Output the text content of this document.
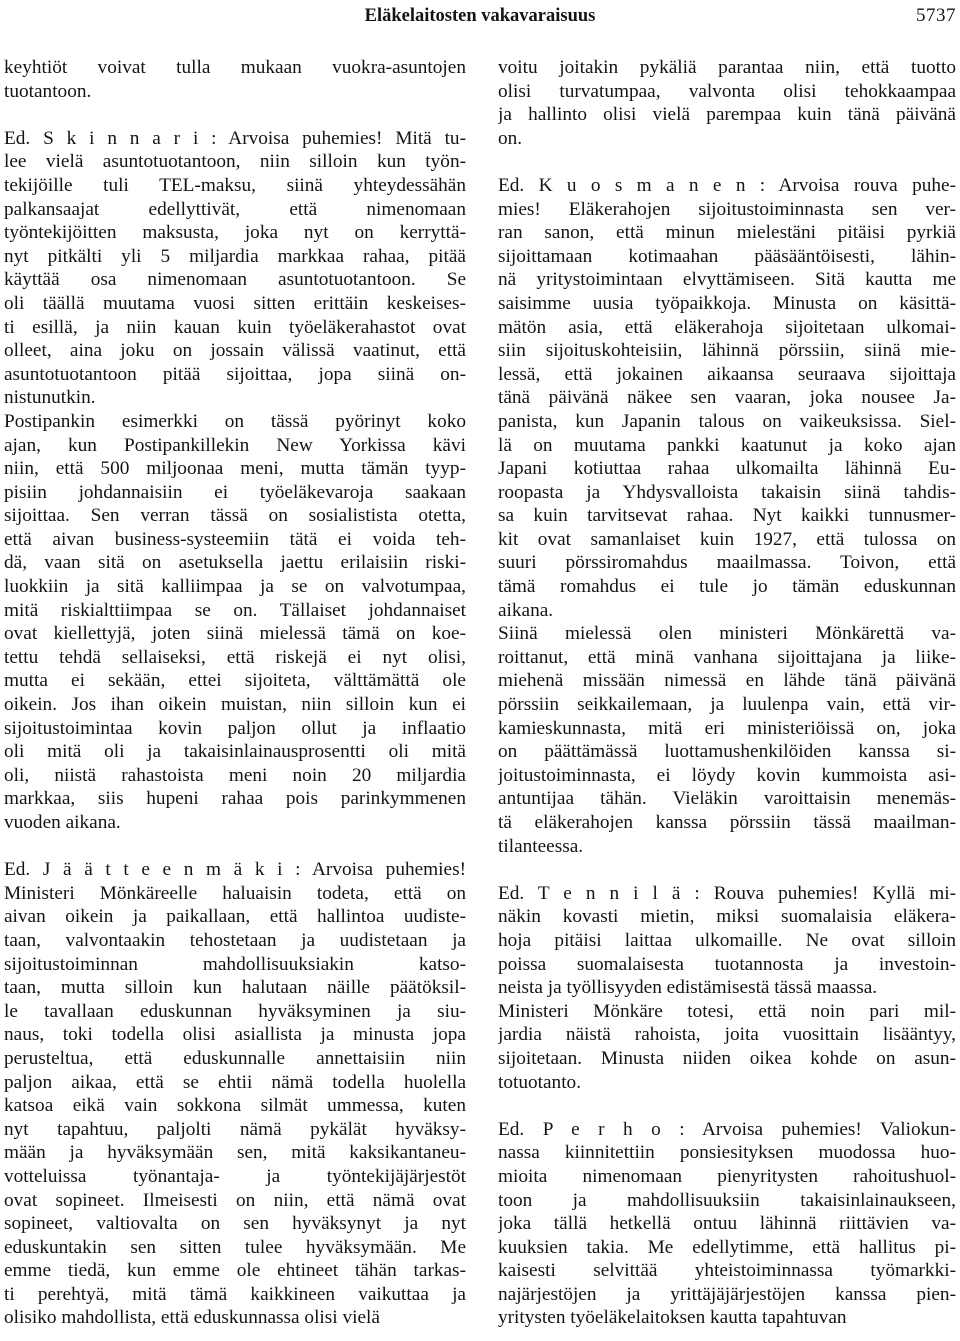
Eläkelaitosten vakavaraisuus	5737
keyhtiöt voivat tulla mukaan vuokra-asuntojen
tuotantoon.
Ed. S k i n n a r i : Arvoisa puhemies! Mitä tu-
lee vielä asuntotuotantoon, niin silloin kun työn-
tekijöille tuli TEL-maksu, siinä yhteydessähän
palkansaajat edellyttivät, että nimenomaan
työntekijöitten maksusta, joka nyt on kerryttä-
nyt pitkälti yli 5 miljardia markkaa rahaa, pitää
käyttää osa nimenomaan asuntotuotantoon. Se
oli täällä muutama vuosi sitten erittäin keskeises-
ti esillä, ja niin kauan kuin työeläkerahastot ovat
olleet, aina joku on jossain välissä vaatinut, että
asuntotuotantoon pitää sijoittaa, jopa siinä on-
nistunutkin.
Postipankin esimerkki on tässä pyörinyt koko
ajan, kun Postipankillekin New Yorkissa kävi
niin, että 500 miljoonaa meni, mutta tämän tyyp-
pisiin johdannaisiin ei työeläkevaroja saakaan
sijoittaa. Sen verran tässä on sosialistista otetta,
että aivan business-systeemiin tätä ei voida teh-
dä, vaan sitä on asetuksella jaettu erilaisiin riski-
luokkiin ja sitä kalliimpaa ja se on valvotumpaa,
mitä riskialttiimpaa se on. Tällaiset johdannaiset
ovat kiellettyjä, joten siinä mielessä tämä on koe-
tettu tehdä sellaiseksi, että riskejä ei nyt olisi,
mutta ei sekään, ettei sijoiteta, välttämättä ole
oikein. Jos ihan oikein muistan, niin silloin kun ei
sijoitustoimintaa kovin paljon ollut ja inflaatio
oli mitä oli ja takaisinlainausprosentti oli mitä
oli, niistä rahastoista meni noin 20 miljardia
markkaa, siis hupeni rahaa pois parinkymmenen
vuoden aikana.
Ed. J ä ä t t e e n m ä k i : Arvoisa puhemies!
Ministeri Mönkäreelle haluaisin todeta, että on
aivan oikein ja paikallaan, että hallintoa uudiste-
taan, valvontaakin tehostetaan ja uudistetaan ja
sijoitustoiminnan mahdollisuuksiakin katso-
taan, mutta silloin kun halutaan näille päätöksil-
le tavallaan eduskunnan hyväksyminen ja siu-
naus, toki todella olisi asiallista ja minusta jopa
perusteltua, että eduskunnalle annettaisiin niin
paljon aikaa, että se ehtii nämä todella huolella
katsoa eikä vain sokkona silmät ummessa, kuten
nyt tapahtuu, paljolti nämä pykälät hyväksy-
mään ja hyväksymään sen, mitä kaksikantaneu-
votteluissa työnantaja- ja työntekijäjärjestöt
ovat sopineet. Ilmeisesti on niin, että nämä ovat
sopineet, valtiovalta on sen hyväksynyt ja nyt
eduskuntakin sen sitten tulee hyväksymään. Me
emme tiedä, kun emme ole ehtineet tähän tarkas-
ti perehtyä, mitä tämä kaikkineen vaikuttaa ja
olisiko mahdollista, että eduskunnassa olisi vielä
voitu joitakin pykäliä parantaa niin, että tuotto
olisi turvatumpaa, valvonta olisi tehokkaampaa
ja hallinto olisi vielä parempaa kuin tänä päivänä
on.
Ed. K u o s m a n e n : Arvoisa rouva puhe-
mies! Eläkerahojen sijoitustoiminnasta sen ver-
ran sanon, että minun mielestäni pitäisi pyrkiä
sijoittamaan kotimaahan pääsääntöisesti, lähin-
nä yritystoimintaan elvyttämiseen. Sitä kautta me
saisimme uusia työpaikkoja. Minusta on käsittä-
mätön asia, että eläkerahoja sijoitetaan ulkomai-
siin sijoituskohteisiin, lähinnä pörssiin, siinä mie-
lessä, että jokainen aikaansa seuraava sijoittaja
tänä päivänä näkee sen vaaran, joka nousee Ja-
panista, kun Japanin talous on vaikeuksissa. Siel-
lä on muutama pankki kaatunut ja koko ajan
Japani kotiuttaa rahaa ulkomailta lähinnä Eu-
roopasta ja Yhdysvalloista takaisin siinä tahdis-
sa kuin tarvitsevat rahaa. Nyt kaikki tunnusmer-
kit ovat samanlaiset kuin 1927, että tulossa on
suuri pörssiromahdus maailmassa. Toivon, että
tämä romahdus ei tule jo tämän eduskunnan
aikana.
Siinä mielessä olen ministeri Mönkärettä va-
roittanut, että minä vanhana sijoittajana ja liike-
miehenä missään nimessä en lähde tänä päivänä
pörssiin seikkailemaan, ja luulenpa vain, että vir-
kamieskunnasta, mitä eri ministeriöissä on, joka
on päättämässä luottamushenkilöiden kanssa si-
joitustoiminnasta, ei löydy kovin kummoista asi-
antuntijaa tähän. Vieläkin varoittaisin menemäs-
tä eläkerahojen kanssa pörssiin tässä maailman-
tilanteessa.
Ed. T e n n i l ä : Rouva puhemies! Kyllä mi-
näkin kovasti mietin, miksi suomalaisia eläkera-
hoja pitäisi laittaa ulkomaille. Ne ovat silloin
poissa suomalaisesta tuotannosta ja investoin-
neista ja työllisyyden edistämisestä tässä maassa.
Ministeri Mönkäre totesi, että noin pari mil-
jardia näistä rahoista, joita vuosittain lisääntyy,
sijoitetaan. Minusta niiden oikea kohde on asun-
totuotanto.
Ed. P e r h o : Arvoisa puhemies! Valiokun-
nassa kiinnitettiin ponsiesityksen muodossa huo-
mioita nimenomaan pienyritysten rahoitushuol-
toon ja mahdollisuuksiin takaisinlainaukseen,
joka tällä hetkellä ontuu lähinnä riittävien va-
kuuksien takia. Me edellytimme, että hallitus pi-
kaisesti selvittää yhteistoiminnassa työmarkki-
najärjestöjen ja yrittäjäjärjestöjen kanssa pien-
yritysten työeläkelaitoksen kautta tapahtuvan
